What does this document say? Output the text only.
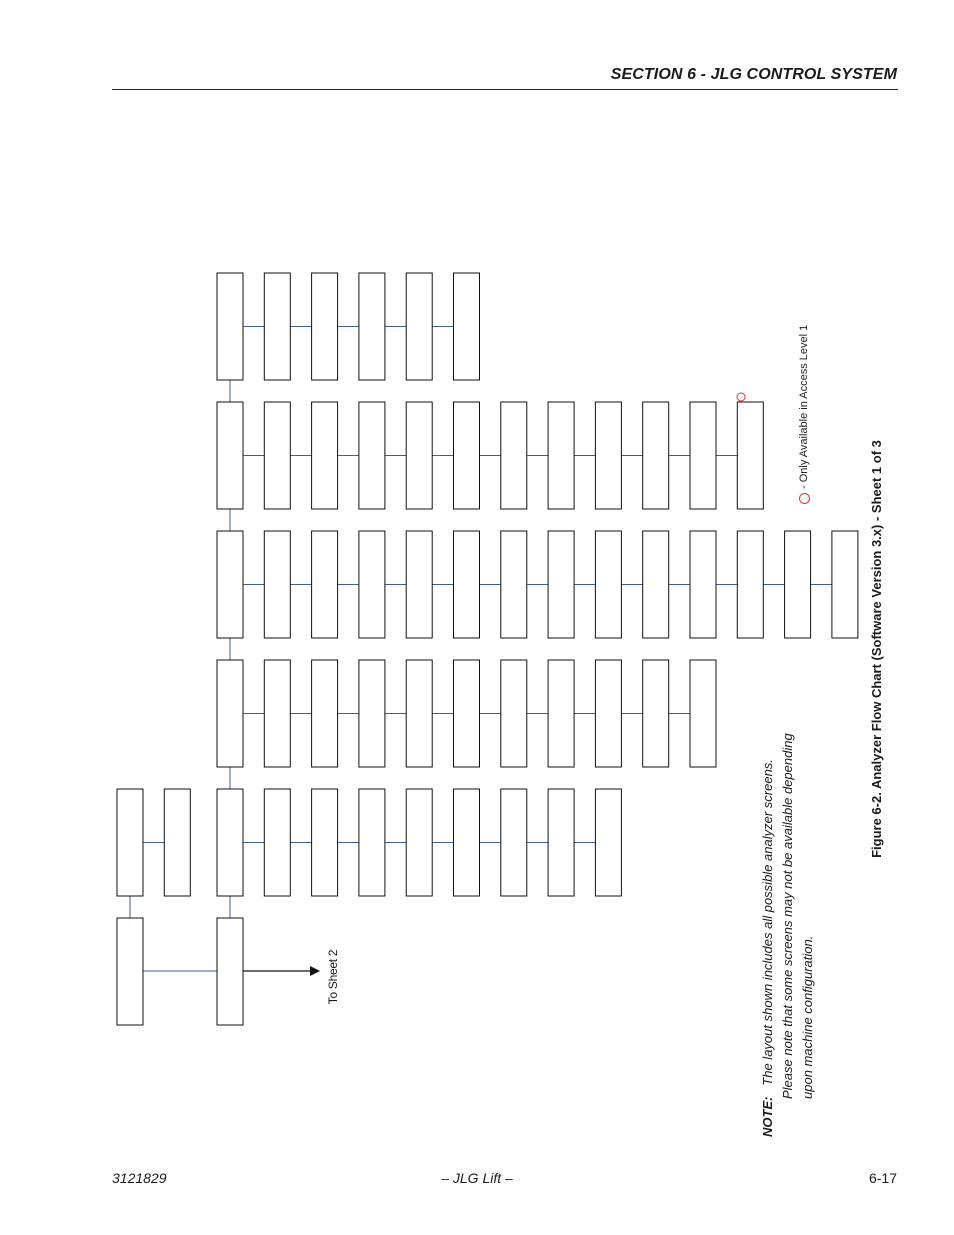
SECTION 6 - JLG CONTROL SYSTEM
To Sheet 2
- Only Available in Access Level 1
Figure 6-2. Analyzer Flow Chart (Software Version 3.x) - Sheet 1 of 3
NOTE:   The layout shown includes all possible analyzer screens. Please note that some screens may not be available depending upon machine configuration.
3121829	– JLG Lift –	6-17
